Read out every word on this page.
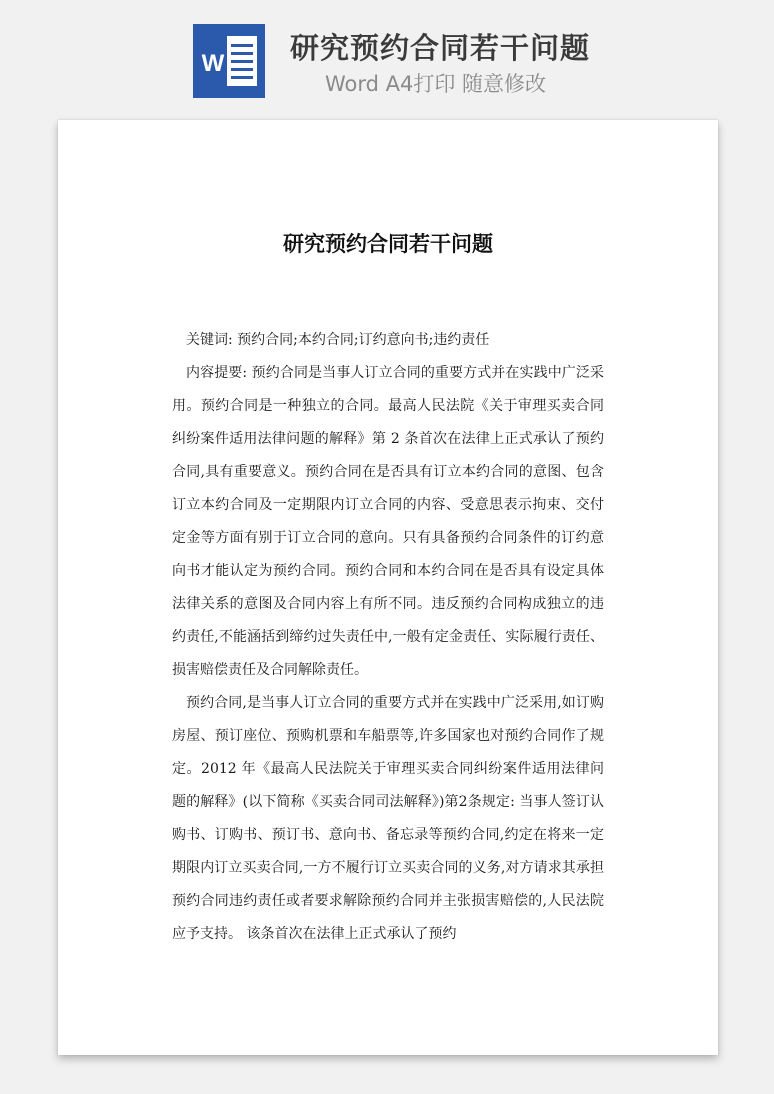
W 研究预约合同若干问题
Word A4打印 随意修改
研究预约合同若干问题

关键词: 预约合同;本约合同;订约意向书;违约责任

内容提要: 预约合同是当事人订立合同的重要方式并在实践中广泛采用。预约合同是一种独立的合同。最高人民法院《关于审理买卖合同纠纷案件适用法律问题的解释》第 2 条首次在法律上正式承认了预约合同,具有重要意义。预约合同在是否具有订立本约合同的意图、包含订立本约合同及一定期限内订立合同的内容、受意思表示拘束、交付定金等方面有别于订立合同的意向。只有具备预约合同条件的订约意向书才能认定为预约合同。预约合同和本约合同在是否具有设定具体法律关系的意图及合同内容上有所不同。违反预约合同构成独立的违约责任,不能涵括到缔约过失责任中,一般有定金责任、实际履行责任、损害赔偿责任及合同解除责任。

预约合同,是当事人订立合同的重要方式并在实践中广泛采用,如订购房屋、预订座位、预购机票和车船票等,许多国家也对预约合同作了规定。2012 年《最高人民法院关于审理买卖合同纠纷案件适用法律问题的解释》(以下简称《买卖合同司法解释》)第2条规定: 当事人签订认购书、订购书、预订书、意向书、备忘录等预约合同,约定在将来一定期限内订立买卖合同,一方不履行订立买卖合同的义务,对方请求其承担预约合同违约责任或者要求解除预约合同并主张损害赔偿的,人民法院应予支持。 该条首次在法律上正式承认了预约
